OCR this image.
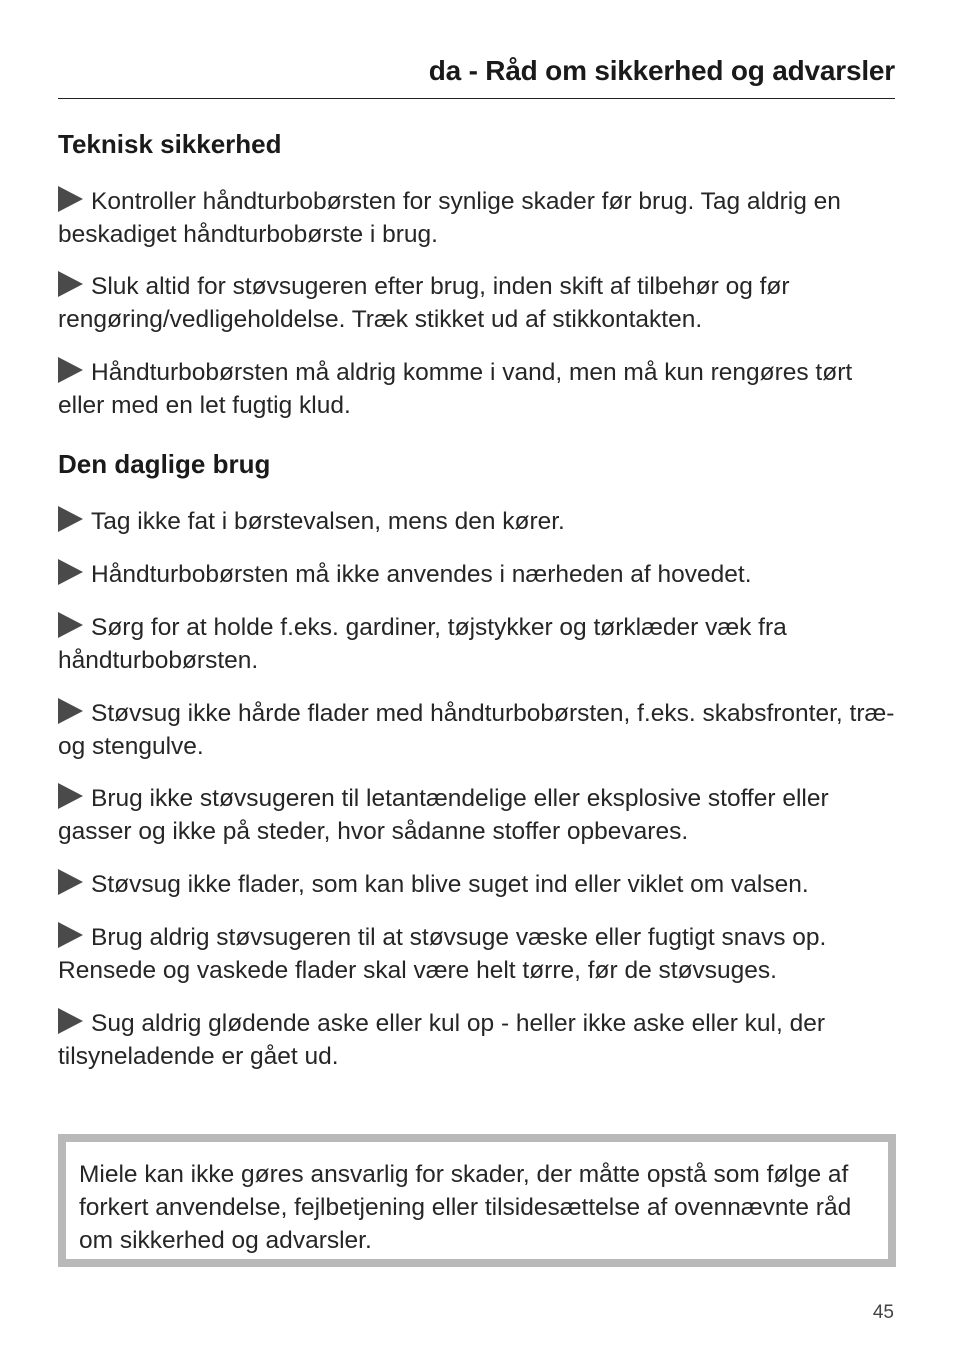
da - Råd om sikkerhed og advarsler
Teknisk sikkerhed

Kontroller håndturbobørsten for synlige skader før brug. Tag aldrig en beskadiget håndturbobørste i brug.

Sluk altid for støvsugeren efter brug, inden skift af tilbehør og før rengøring/vedligeholdelse. Træk stikket ud af stikkontakten.

Håndturbobørsten må aldrig komme i vand, men må kun rengøres tørt eller med en let fugtig klud.

Den daglige brug

Tag ikke fat i børstevalsen, mens den kører.

Håndturbobørsten må ikke anvendes i nærheden af hovedet.

Sørg for at holde f.eks. gardiner, tøjstykker og tørklæder væk fra håndturbobørsten.

Støvsug ikke hårde flader med håndturbobørsten, f.eks. skabsfronter, træ- og stengulve.

Brug ikke støvsugeren til letantændelige eller eksplosive stoffer eller gasser og ikke på steder, hvor sådanne stoffer opbevares.

Støvsug ikke flader, som kan blive suget ind eller viklet om valsen.

Brug aldrig støvsugeren til at støvsuge væske eller fugtigt snavs op. Rensede og vaskede flader skal være helt tørre, før de støvsuges.

Sug aldrig glødende aske eller kul op - heller ikke aske eller kul, der tilsyneladende er gået ud.

Miele kan ikke gøres ansvarlig for skader, der måtte opstå som følge af forkert anvendelse, fejlbetjening eller tilsidesættelse af ovennævnte råd om sikkerhed og advarsler.
45
